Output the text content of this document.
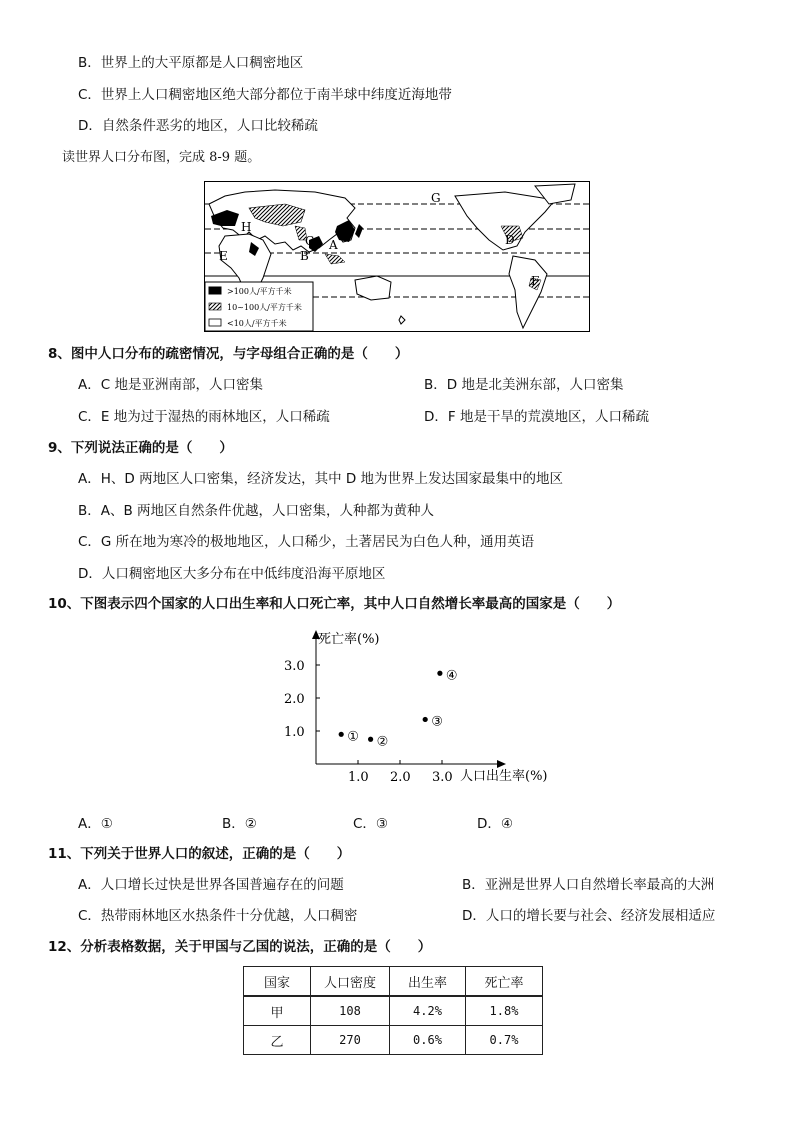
B．世界上的大平原都是人口稠密地区
C．世界上人口稠密地区绝大部分都位于南半球中纬度近海地带
D．自然条件恶劣的地区，人口比较稀疏
读世界人口分布图，完成 8-9 题。
G
H
C
B
A
E
D
F
>100人/平方千米
10~100人/平方千米
<10人/平方千米
8、图中人口分布的疏密情况，与字母组合正确的是（　　）
A．C 地是亚洲南部，人口密集	B．D 地是北美洲东部，人口密集
C．E 地为过于湿热的雨林地区，人口稀疏	D．F 地是干旱的荒漠地区，人口稀疏
9、下列说法正确的是（　　）
A．H、D 两地区人口密集，经济发达，其中 D 地为世界上发达国家最集中的地区
B．A、B 两地区自然条件优越，人口密集，人种都为黄种人
C．G 所在地为寒冷的极地地区，人口稀少，土著居民为白色人种，通用英语
D．人口稠密地区大多分布在中低纬度沿海平原地区
10、下图表示四个国家的人口出生率和人口死亡率，其中人口自然增长率最高的国家是（　　）
1.0 2.0 3.0
1.0
2.0
3.0
① ②
③
④
死亡率(%)
人口出生率(%)
A．①	B．②	C．③	D．④
11、下列关于世界人口的叙述，正确的是（　　）
A．人口增长过快是世界各国普遍存在的问题	B．亚洲是世界人口自然增长率最高的大洲
C．热带雨林地区水热条件十分优越，人口稠密	D．人口的增长要与社会、经济发展相适应
12、分析表格数据，关于甲国与乙国的说法，正确的是（　　）
国家	人口密度	出生率	死亡率
甲	108	4.2%	1.8%
乙	270	0.6%	0.7%
